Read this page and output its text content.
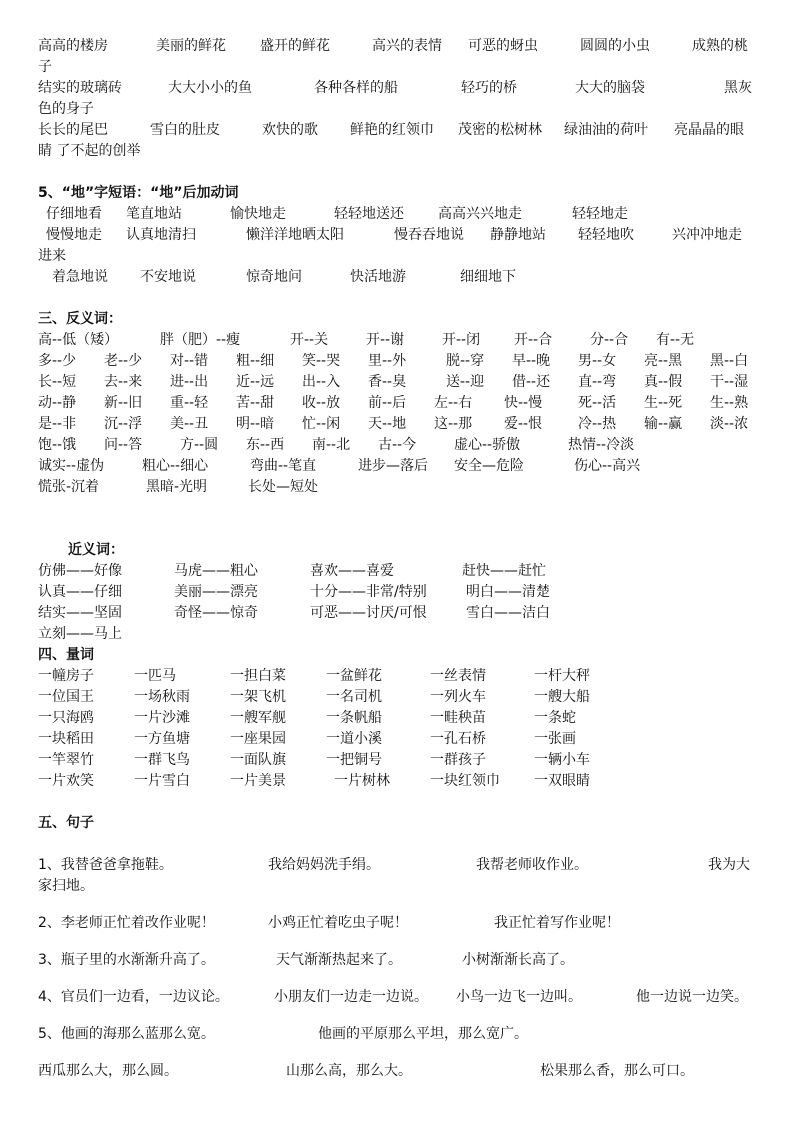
高高的楼房	美丽的鲜花 盛开的鲜花	高兴的表情 可恶的蚜虫	圆圆的小虫	成熟的桃
子
结实的玻璃砖	大大小小的鱼	各种各样的船	轻巧的桥	大大的脑袋	黑灰
色的身子
长长的尾巴	雪白的肚皮	欢快的歌 鲜艳的红领巾 茂密的松树林 绿油油的荷叶 亮晶晶的眼
睛 了不起的创举
5、“地”字短语：“地”后加动词
仔细地看 笔直地站	愉快地走	轻轻地送还 高高兴兴地走	轻轻地走
慢慢地走 认真地清扫	懒洋洋地晒太阳	慢吞吞地说 静静地站 轻轻地吹	兴冲冲地走
进来
着急地说 不安地说	惊奇地问	快活地游	细细地下
三、反义词：
高--低（矮）	胖（肥）--瘦	开--关	开--谢	开--闭 开--合	分--合 有--无
多--少 老--少 对--错 粗--细 笑--哭 里--外	脱--穿 早--晚 男--女 亮--黑 黑--白
长--短 去--来 进--出 近--远 出--入 香--臭	送--迎 借--还 直--弯 真--假 干--湿
动--静 新--旧 重--轻 苦--甜 收--放 前--后 左--右 快--慢	死--活 生--死 生--熟
是--非 沉--浮 美--丑 明--暗 忙--闲 天--地 这--那 爱--恨	冷--热 输--赢 淡--浓
饱--饿 问--答	方--圆 东--西 南--北 古--今	虚心--骄傲	热情--冷淡
诚实--虚伪	粗心--细心	弯曲--笔直	进步—落后 安全—危险	伤心--高兴
慌张-沉着	黑暗-光明	长处—短处
近义词：
仿佛——好像	马虎——粗心	喜欢——喜爱	赶快——赶忙
认真——仔细	美丽——漂亮	十分——非常/特别	明白——清楚
结实——坚固	奇怪——惊奇	可恶——讨厌/可恨	雪白——洁白
立刻——马上
四、量词
一幢房子	一匹马	一担白菜	一盆鲜花	一丝表情	一杆大秤
一位国王	一场秋雨	一架飞机	一名司机	一列火车	一艘大船
一只海鸥	一片沙滩	一艘军舰	一条帆船	一畦秧苗	一条蛇
一块稻田	一方鱼塘	一座果园	一道小溪	一孔石桥	一张画
一竿翠竹	一群飞鸟	一面队旗	一把铜号	一群孩子	一辆小车
一片欢笑	一片雪白	一片美景	一片树林	一块红领巾 一双眼睛
五、句子
1、我替爸爸拿拖鞋。	我给妈妈洗手绢。	我帮老师收作业。	我为大
家扫地。
2、李老师正忙着改作业呢！	小鸡正忙着吃虫子呢！	我正忙着写作业呢！
3、瓶子里的水渐渐升高了。	天气渐渐热起来了。	小树渐渐长高了。
4、官员们一边看，一边议论。	小朋友们一边走一边说。 小鸟一边飞一边叫。	他一边说一边笑。
5、他画的海那么蓝那么宽。	他画的平原那么平坦，那么宽广。
西瓜那么大，那么圆。	山那么高，那么大。	松果那么香，那么可口。
